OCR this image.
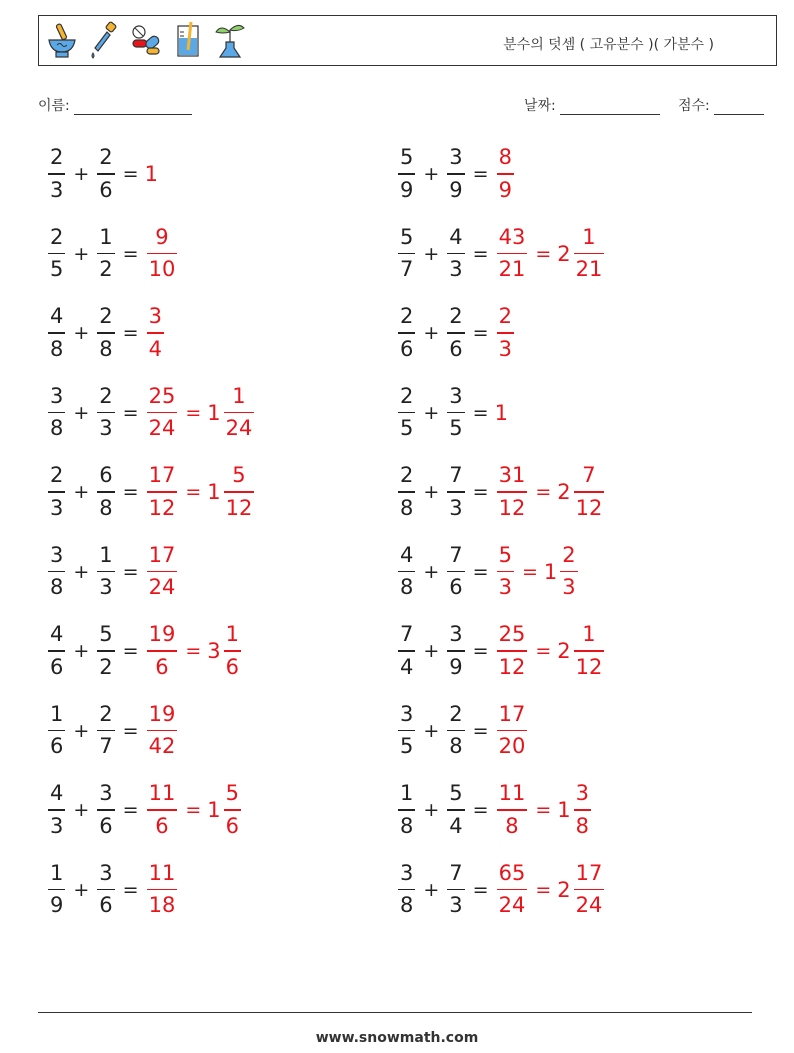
분수의 덧셈 ( 고유분수 )( 가분수 )
이름:	날짜:	점수:
$\frac{2}{3} + \frac{2}{6} = 1$	$\frac{5}{9} + \frac{3}{9} = \frac{8}{9}$
$\frac{2}{5} + \frac{1}{2} = \frac{9}{10}$	$\frac{5}{7} + \frac{4}{3} = \frac{43}{21} = 2 \frac{1}{21}$
$\frac{4}{8} + \frac{2}{8} = \frac{3}{4}$	$\frac{2}{6} + \frac{2}{6} = \frac{2}{3}$
$\frac{3}{8} + \frac{2}{3} = \frac{25}{24} = 1 \frac{1}{24}$	$\frac{2}{5} + \frac{3}{5} = 1$
$\frac{2}{3} + \frac{6}{8} = \frac{17}{12} = 1 \frac{5}{12}$	$\frac{2}{8} + \frac{7}{3} = \frac{31}{12} = 2 \frac{7}{12}$
$\frac{3}{8} + \frac{1}{3} = \frac{17}{24}$	$\frac{4}{8} + \frac{7}{6} = \frac{5}{3} = 1 \frac{2}{3}$
$\frac{4}{6} + \frac{5}{2} = \frac{19}{6} = 3 \frac{1}{6}$	$\frac{7}{4} + \frac{3}{9} = \frac{25}{12} = 2 \frac{1}{12}$
$\frac{1}{6} + \frac{2}{7} = \frac{19}{42}$	$\frac{3}{5} + \frac{2}{8} = \frac{17}{20}$
$\frac{4}{3} + \frac{3}{6} = \frac{11}{6} = 1 \frac{5}{6}$	$\frac{1}{8} + \frac{5}{4} = \frac{11}{8} = 1 \frac{3}{8}$
$\frac{1}{9} + \frac{3}{6} = \frac{11}{18}$	$\frac{3}{8} + \frac{7}{3} = \frac{65}{24} = 2 \frac{17}{24}$
www.snowmath.com
